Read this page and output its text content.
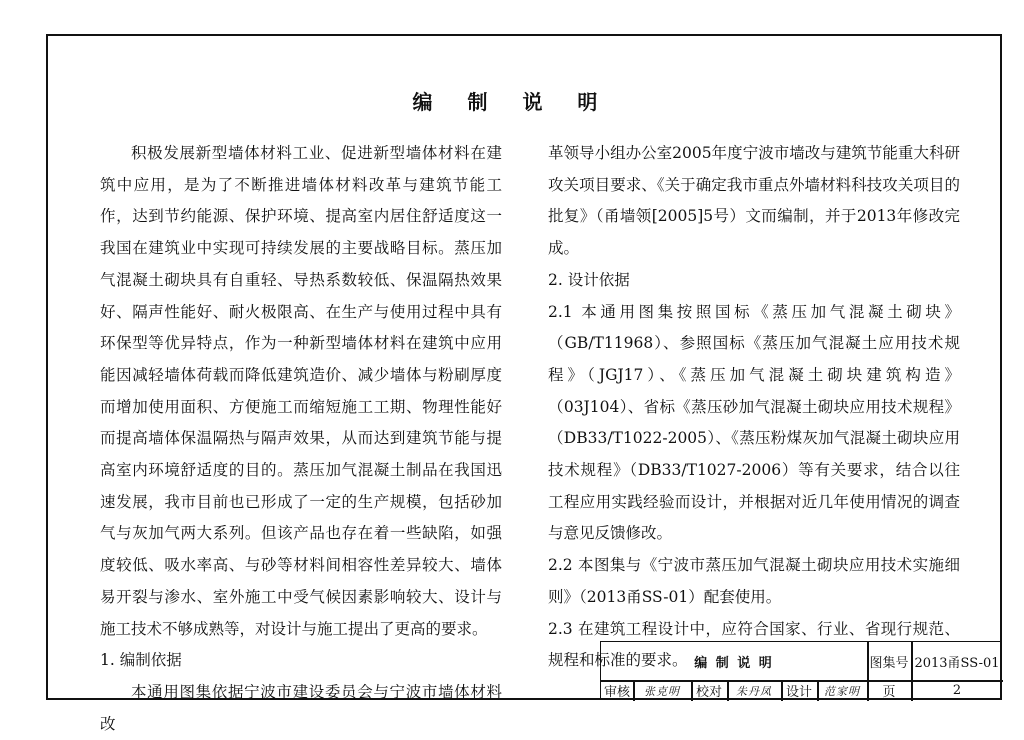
编 制 说 明

积极发展新型墙体材料工业、促进新型墙体材料在建筑中应用，是为了不断推进墙体材料改革与建筑节能工作，达到节约能源、保护环境、提高室内居住舒适度这一我国在建筑业中实现可持续发展的主要战略目标。蒸压加气混凝土砌块具有自重轻、导热系数较低、保温隔热效果好、隔声性能好、耐火极限高、在生产与使用过程中具有环保型等优异特点，作为一种新型墙体材料在建筑中应用能因减轻墙体荷载而降低建筑造价、减少墙体与粉刷厚度而增加使用面积、方便施工而缩短施工工期、物理性能好而提高墙体保温隔热与隔声效果，从而达到建筑节能与提高室内环境舒适度的目的。蒸压加气混凝土制品在我国迅速发展，我市目前也已形成了一定的生产规模，包括砂加气与灰加气两大系列。但该产品也存在着一些缺陷，如强度较低、吸水率高、与砂等材料间相容性差异较大、墙体易开裂与渗水、室外施工中受气候因素影响较大、设计与施工技术不够成熟等，对设计与施工提出了更高的要求。

1. 编制依据

本通用图集依据宁波市建设委员会与宁波市墙体材料改

革领导小组办公室2005年度宁波市墙改与建筑节能重大科研攻关项目要求、《关于确定我市重点外墙材料科技攻关项目的批复》（甬墙领[2005]5号）文而编制，并于2013年修改完成。

2. 设计依据

2.1 本通用图集按照国标《蒸压加气混凝土砌块》（GB/T11968）、参照国标《蒸压加气混凝土应用技术规程》（JGJ17）、《蒸压加气混凝土砌块建筑构造》（03J104）、省标《蒸压砂加气混凝土砌块应用技术规程》（DB33/T1022-2005）、《蒸压粉煤灰加气混凝土砌块应用技术规程》（DB33/T1027-2006）等有关要求，结合以往工程应用实践经验而设计，并根据对近几年使用情况的调查与意见反馈修改。

2.2 本图集与《宁波市蒸压加气混凝土砌块应用技术实施细则》（2013甬SS-01）配套使用。

2.3 在建筑工程设计中，应符合国家、行业、省现行规范、规程和标准的要求。 编 制 说 明	图集号 2013甬SS-01
审核	张克明	校对	朱丹凤	设计	范家明	页	2
